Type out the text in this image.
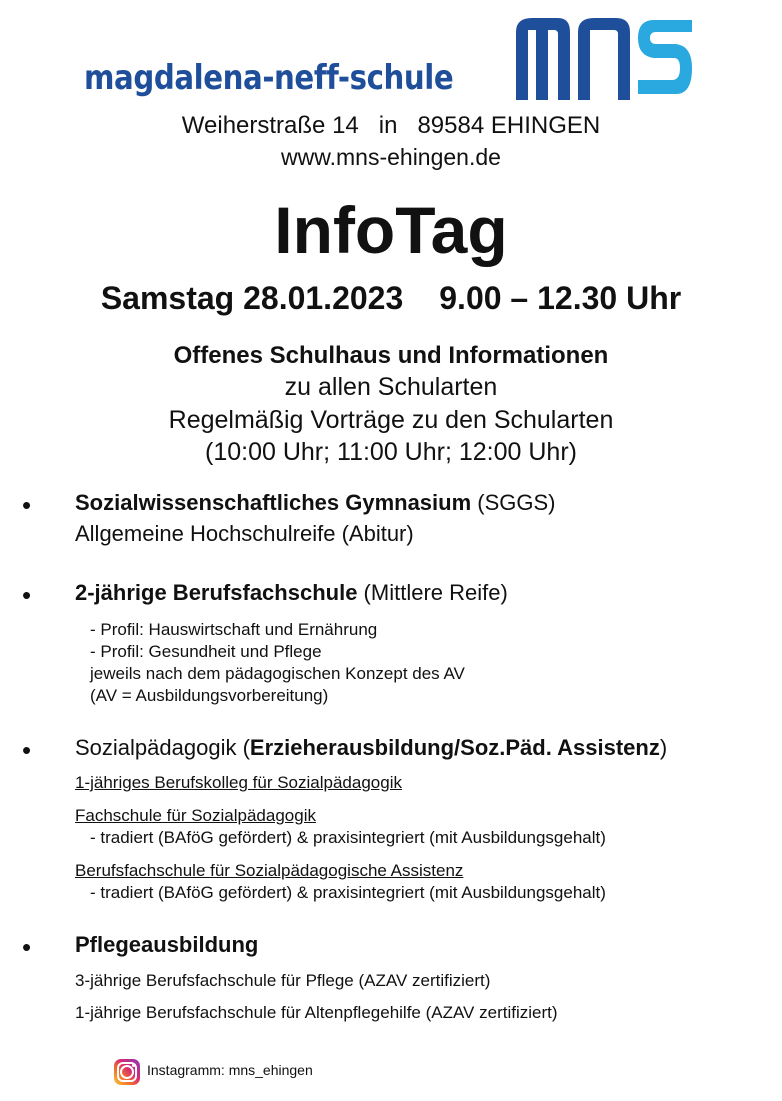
magdalena-neff-schule
Weiherstraße 14   in   89584 EHINGEN
www.mns-ehingen.de
InfoTag
Samstag 28.01.2023 9.00 – 12.30 Uhr
Offenes Schulhaus und Informationen
zu allen Schularten
Regelmäßig Vorträge zu den Schularten
(10:00 Uhr; 11:00 Uhr; 12:00 Uhr)
• Sozialwissenschaftliches Gymnasium (SGGS)
Allgemeine Hochschulreife (Abitur)
• 2-jährige Berufsfachschule (Mittlere Reife)
- Profil: Hauswirtschaft und Ernährung
- Profil: Gesundheit und Pflege
jeweils nach dem pädagogischen Konzept des AV
(AV = Ausbildungsvorbereitung)
• Sozialpädagogik (Erzieherausbildung/Soz.Päd. Assistenz)
1-jähriges Berufskolleg für Sozialpädagogik
Fachschule für Sozialpädagogik
- tradiert (BAföG gefördert) & praxisintegriert (mit Ausbildungsgehalt)
Berufsfachschule für Sozialpädagogische Assistenz
- tradiert (BAföG gefördert) & praxisintegriert (mit Ausbildungsgehalt)
• Pflegeausbildung
3-jährige Berufsfachschule für Pflege (AZAV zertifiziert)
1-jährige Berufsfachschule für Altenpflegehilfe (AZAV zertifiziert)
Instagramm: mns_ehingen
